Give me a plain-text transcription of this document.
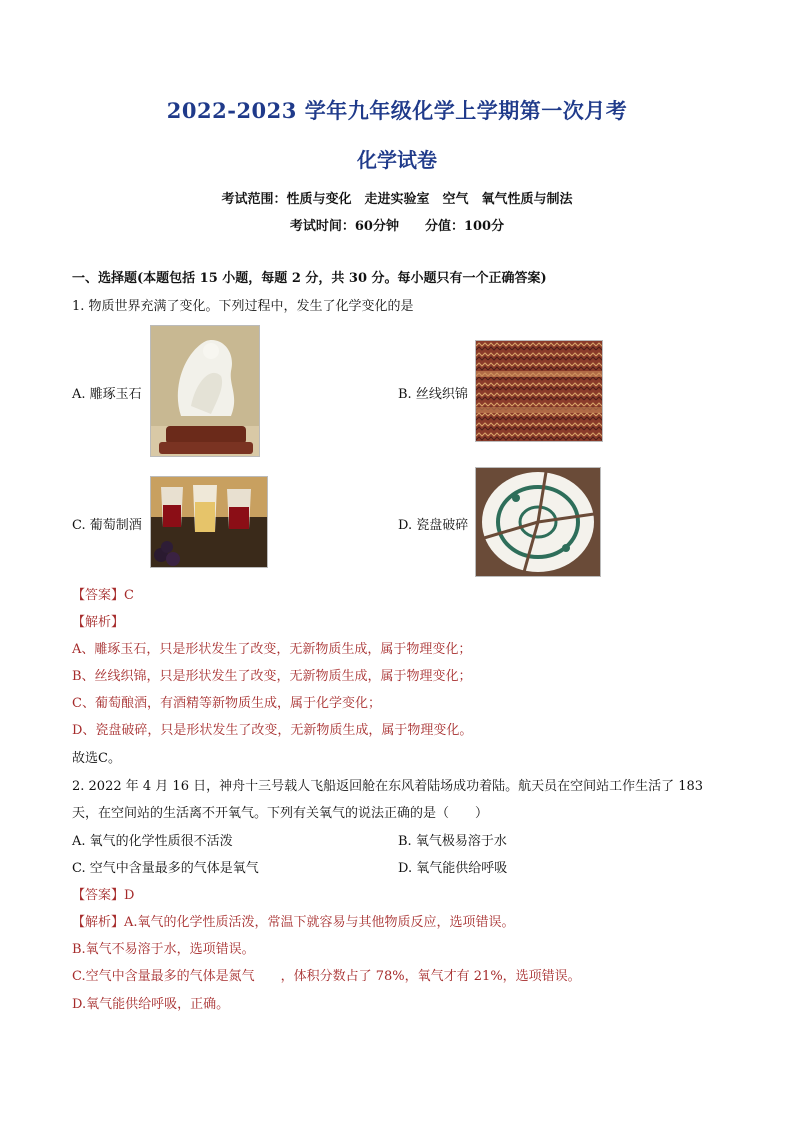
2022-2023 学年九年级化学上学期第一次月考
化学试卷
考试范围：性质与变化　走进实验室　空气　氧气性质与制法
考试时间：60分钟　　分值：100分
一、选择题(本题包括 15 小题，每题 2 分，共 30 分。每小题只有一个正确答案)
1. 物质世界充满了变化。下列过程中，发生了化学变化的是
A. 雕琢玉石	B. 丝线织锦
C. 葡萄制酒	D. 瓷盘破碎
【答案】C
【解析】
A、雕琢玉石，只是形状发生了改变，无新物质生成，属于物理变化；
B、丝线织锦，只是形状发生了改变，无新物质生成，属于物理变化；
C、葡萄酿酒，有酒精等新物质生成，属于化学变化；
D、瓷盘破碎，只是形状发生了改变，无新物质生成，属于物理变化。
故选C。
2. 2022 年 4 月 16 日，神舟十三号载人飞船返回舱在东风着陆场成功着陆。航天员在空间站工作生活了 183
天，在空间站的生活离不开氧气。下列有关氧气的说法正确的是（　　）
A. 氧气的化学性质很不活泼	B. 氧气极易溶于水
C. 空气中含量最多的气体是氧气	D. 氧气能供给呼吸
【答案】D
【解析】A.氧气的化学性质活泼，常温下就容易与其他物质反应，选项错误。
B.氧气不易溶于水，选项错误。
C.空气中含量最多的气体是氮气　　，体积分数占了 78%，氧气才有 21%，选项错误。
D.氧气能供给呼吸，正确。
